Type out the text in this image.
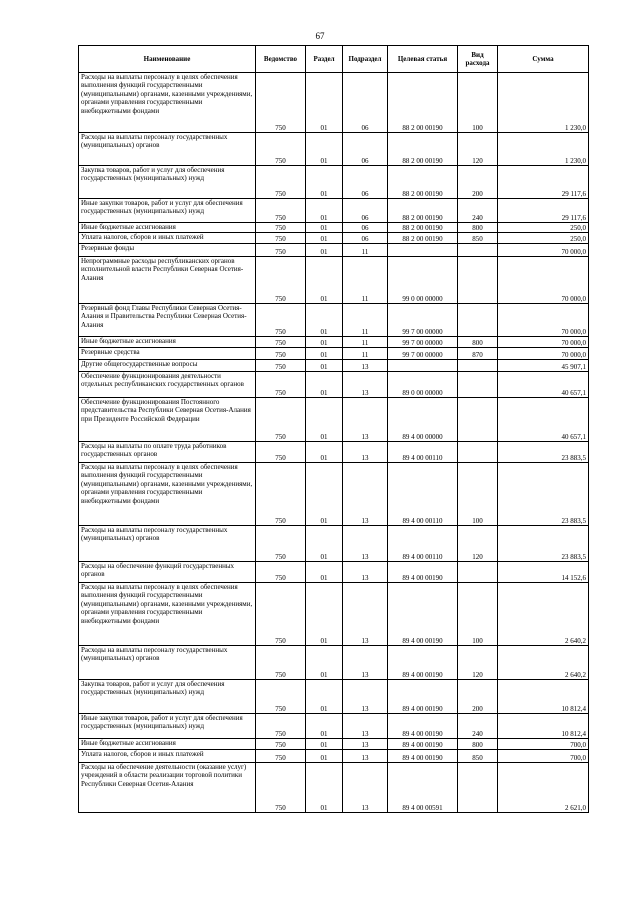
67
Наименование	Ведомство	Раздел	Подраздел	Целевая статья	Вид расхода	Сумма

Расходы на выплаты персоналу в целях обеспечения выполнения функций государственными (муниципальными) органами, казенными учреждениями, органами управления государственными внебюджетными фондами	750	01	06	88 2 00 00190	100	1 230,0

Расходы на выплаты персоналу государственных (муниципальных) органов	750	01	06	88 2 00 00190	120	1 230,0

Закупка товаров, работ и услуг для обеспечения государственных (муниципальных) нужд	750	01	06	88 2 00 00190	200	29 117,6

Иные закупки товаров, работ и услуг для обеспечения государственных (муниципальных) нужд	750	01	06	88 2 00 00190	240	29 117,6

Иные бюджетные ассигнования	750	01	06	88 2 00 00190	800	250,0

Уплата налогов, сборов и иных платежей	750	01	06	88 2 00 00190	850	250,0

Резервные фонды	750	01	11			70 000,0

Непрограммные расходы республиканских органов исполнительной власти Республики Северная Осетия-Алания	750	01	11	99 0 00 00000		70 000,0

Резервный фонд Главы Республики Северная Осетия-Алания и Правительства Республики Северная Осетия-Алания	750	01	11	99 7 00 00000		70 000,0

Иные бюджетные ассигнования	750	01	11	99 7 00 00000	800	70 000,0

Резервные средства	750	01	11	99 7 00 00000	870	70 000,0

Другие общегосударственные вопросы	750	01	13			45 907,1

Обеспечение функционирования деятельности отдельных республиканских государственных органов	750	01	13	89 0 00 00000		40 657,1

Обеспечение функционирования Постоянного представительства Республики Северная Осетия-Алания при Президенте Российской Федерации	750	01	13	89 4 00 00000		40 657,1

Расходы на выплаты по оплате труда работников государственных органов	750	01	13	89 4 00 00110		23 883,5

Расходы на выплаты персоналу в целях обеспечения выполнения функций государственными (муниципальными) органами, казенными учреждениями, органами управления государственными внебюджетными фондами	750	01	13	89 4 00 00110	100	23 883,5

Расходы на выплаты персоналу государственных (муниципальных) органов	750	01	13	89 4 00 00110	120	23 883,5

Расходы на обеспечение функций государственных органов	750	01	13	89 4 00 00190		14 152,6

Расходы на выплаты персоналу в целях обеспечения выполнения функций государственными (муниципальными) органами, казенными учреждениями, органами управления государственными внебюджетными фондами	750	01	13	89 4 00 00190	100	2 640,2

Расходы на выплаты персоналу государственных (муниципальных) органов	750	01	13	89 4 00 00190	120	2 640,2

Закупка товаров, работ и услуг для обеспечения государственных (муниципальных) нужд	750	01	13	89 4 00 00190	200	10 812,4

Иные закупки товаров, работ и услуг для обеспечения государственных (муниципальных) нужд	750	01	13	89 4 00 00190	240	10 812,4

Иные бюджетные ассигнования	750	01	13	89 4 00 00190	800	700,0

Уплата налогов, сборов и иных платежей	750	01	13	89 4 00 00190	850	700,0

Расходы на обеспечение деятельности (оказание услуг) учреждений в области реализации торговой политики Республики Северная Осетия-Алания	750	01	13	89 4 00 00591		2 621,0
